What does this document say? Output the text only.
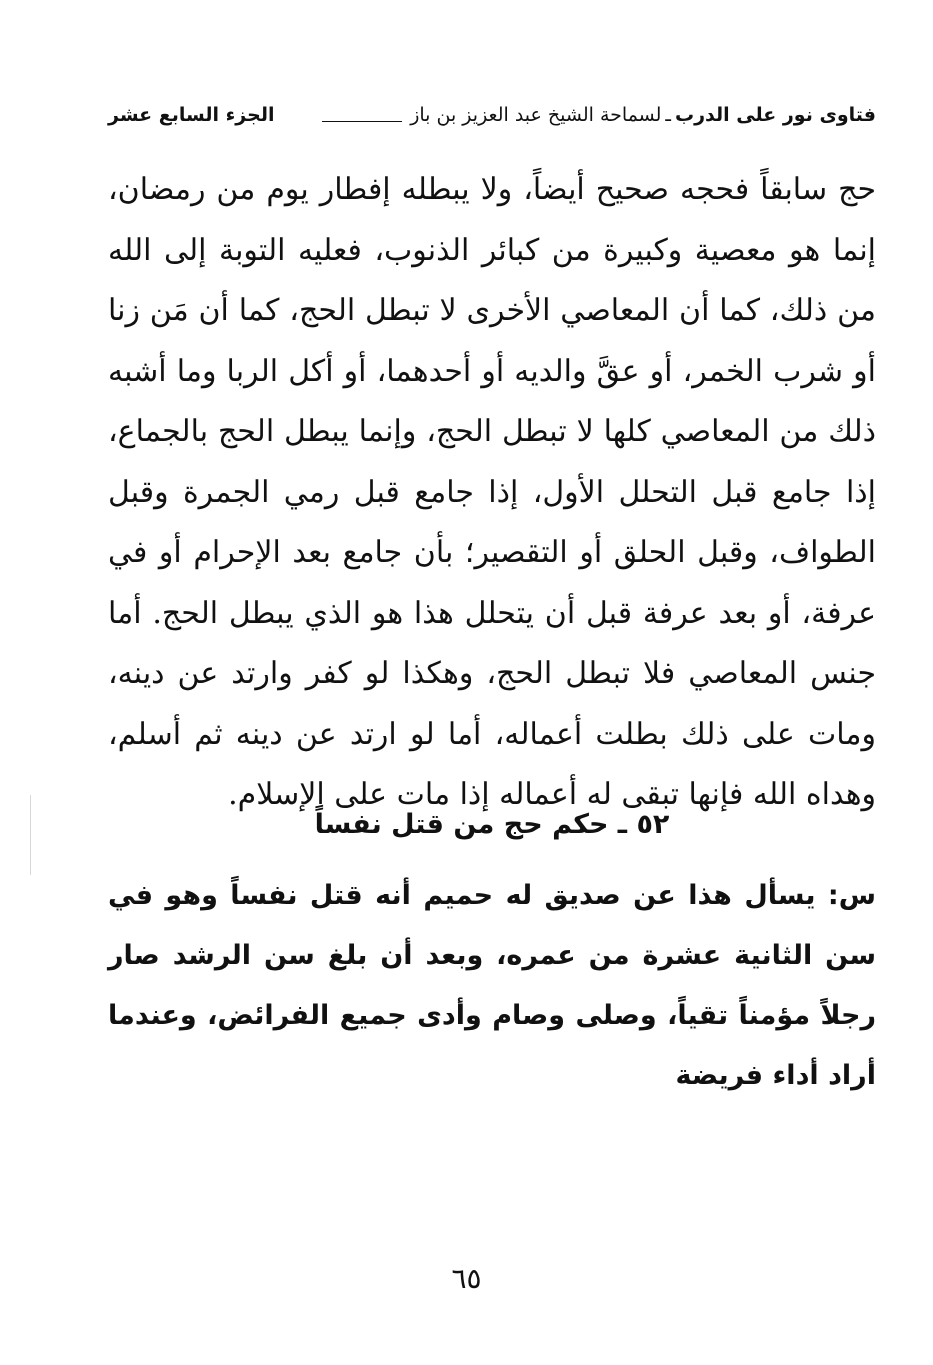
فتاوى نور على الدرب
ـ
لسماحة الشيخ عبد العزيز بن باز
الجزء السابع عشر

حج سابقاً فحجه صحيح أيضاً، ولا يبطله إفطار يوم من رمضان، إنما هو معصية وكبيرة من كبائر الذنوب، فعليه التوبة إلى الله من ذلك، كما أن المعاصي الأخرى لا تبطل الحج، كما أن مَن زنا أو شرب الخمر، أو عقَّ والديه أو أحدهما، أو أكل الربا وما أشبه ذلك من المعاصي كلها لا تبطل الحج، وإنما يبطل الحج بالجماع، إذا جامع قبل التحلل الأول، إذا جامع قبل رمي الجمرة وقبل الطواف، وقبل الحلق أو التقصير؛ بأن جامع بعد الإحرام أو في عرفة، أو بعد عرفة قبل أن يتحلل هذا هو الذي يبطل الحج. أما جنس المعاصي فلا تبطل الحج، وهكذا لو كفر وارتد عن دينه، ومات على ذلك بطلت أعماله، أما لو ارتد عن دينه ثم أسلم، وهداه الله فإنها تبقى له أعماله إذا مات على الإسلام.

٥٢ ـ حكم حج من قتل نفساً

س: يسأل هذا عن صديق له حميم أنه قتل نفساً وهو في سن الثانية عشرة من عمره، وبعد أن بلغ سن الرشد صار رجلاً مؤمناً تقياً، وصلى وصام وأدى جميع الفرائض، وعندما أراد أداء فريضة

٦٥
